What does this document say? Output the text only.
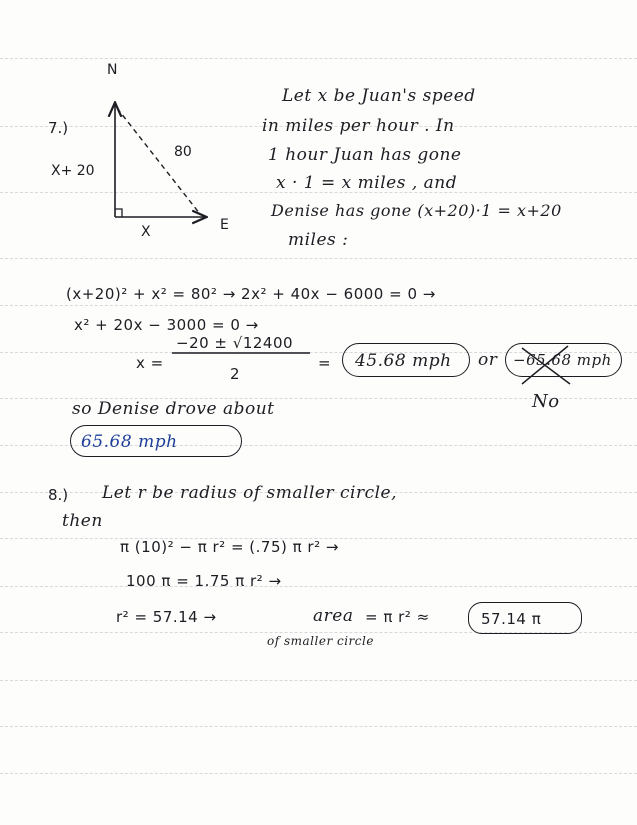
7.)
N
E
X+ 20
80
X
Let x be Juan's speed
in miles per hour . In
1 hour Juan has gone
x · 1 = x miles , and
Denise has gone (x+20)·1 = x+20
miles :
(x+20)² + x² = 80² → 2x² + 40x − 6000 = 0 →
x² + 20x − 3000 = 0 →
x =
−20 ± √12400
2
= 45.68 mph or −65.68 mph
No
so Denise drove about
65.68 mph
8.) Let r be radius of smaller circle,
then
π (10)² − π r² = (.75) π r² →
100 π = 1.75 π r² →
r² = 57.14 →	area = π r² ≈	57.14 π
of smaller circle
